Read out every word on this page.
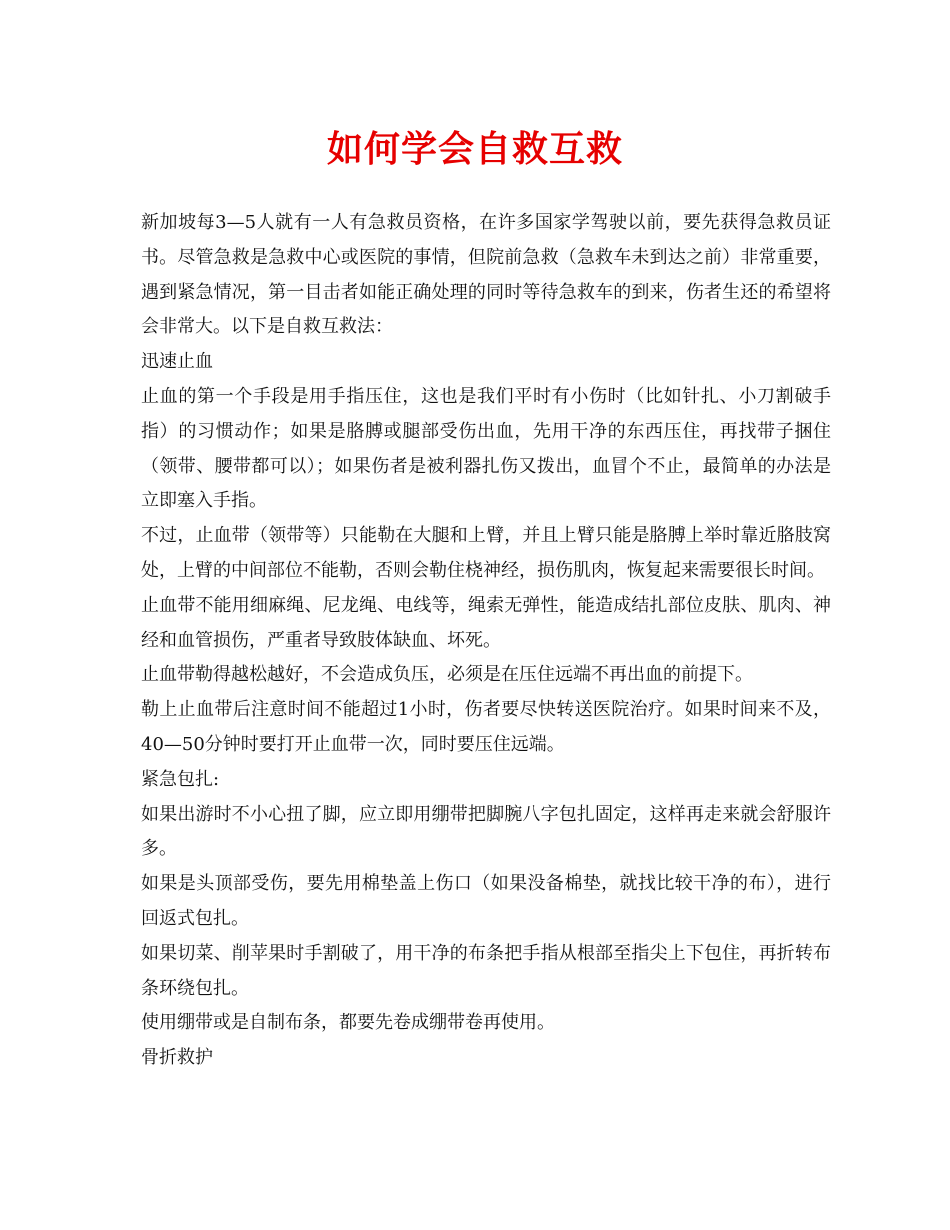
如何学会自救互救

新加坡每3—5人就有一人有急救员资格，在许多国家学驾驶以前，要先获得急救员证书。尽管急救是急救中心或医院的事情，但院前急救（急救车未到达之前）非常重要，遇到紧急情况，第一目击者如能正确处理的同时等待急救车的到来，伤者生还的希望将会非常大。以下是自救互救法：

迅速止血

止血的第一个手段是用手指压住，这也是我们平时有小伤时（比如针扎、小刀割破手指）的习惯动作；如果是胳膊或腿部受伤出血，先用干净的东西压住，再找带子捆住（领带、腰带都可以）；如果伤者是被利器扎伤又拨出，血冒个不止，最简单的办法是立即塞入手指。

不过，止血带（领带等）只能勒在大腿和上臂，并且上臂只能是胳膊上举时靠近胳肢窝处，上臂的中间部位不能勒，否则会勒住桡神经，损伤肌肉，恢复起来需要很长时间。

止血带不能用细麻绳、尼龙绳、电线等，绳索无弹性，能造成结扎部位皮肤、肌肉、神经和血管损伤，严重者导致肢体缺血、坏死。

止血带勒得越松越好，不会造成负压，必须是在压住远端不再出血的前提下。

勒上止血带后注意时间不能超过1小时，伤者要尽快转送医院治疗。如果时间来不及，40—50分钟时要打开止血带一次，同时要压住远端。

紧急包扎:

如果出游时不小心扭了脚，应立即用绷带把脚腕八字包扎固定，这样再走来就会舒服许多。

如果是头顶部受伤，要先用棉垫盖上伤口（如果没备棉垫，就找比较干净的布），进行回返式包扎。

如果切菜、削苹果时手割破了，用干净的布条把手指从根部至指尖上下包住，再折转布条环绕包扎。

使用绷带或是自制布条，都要先卷成绷带卷再使用。

骨折救护
